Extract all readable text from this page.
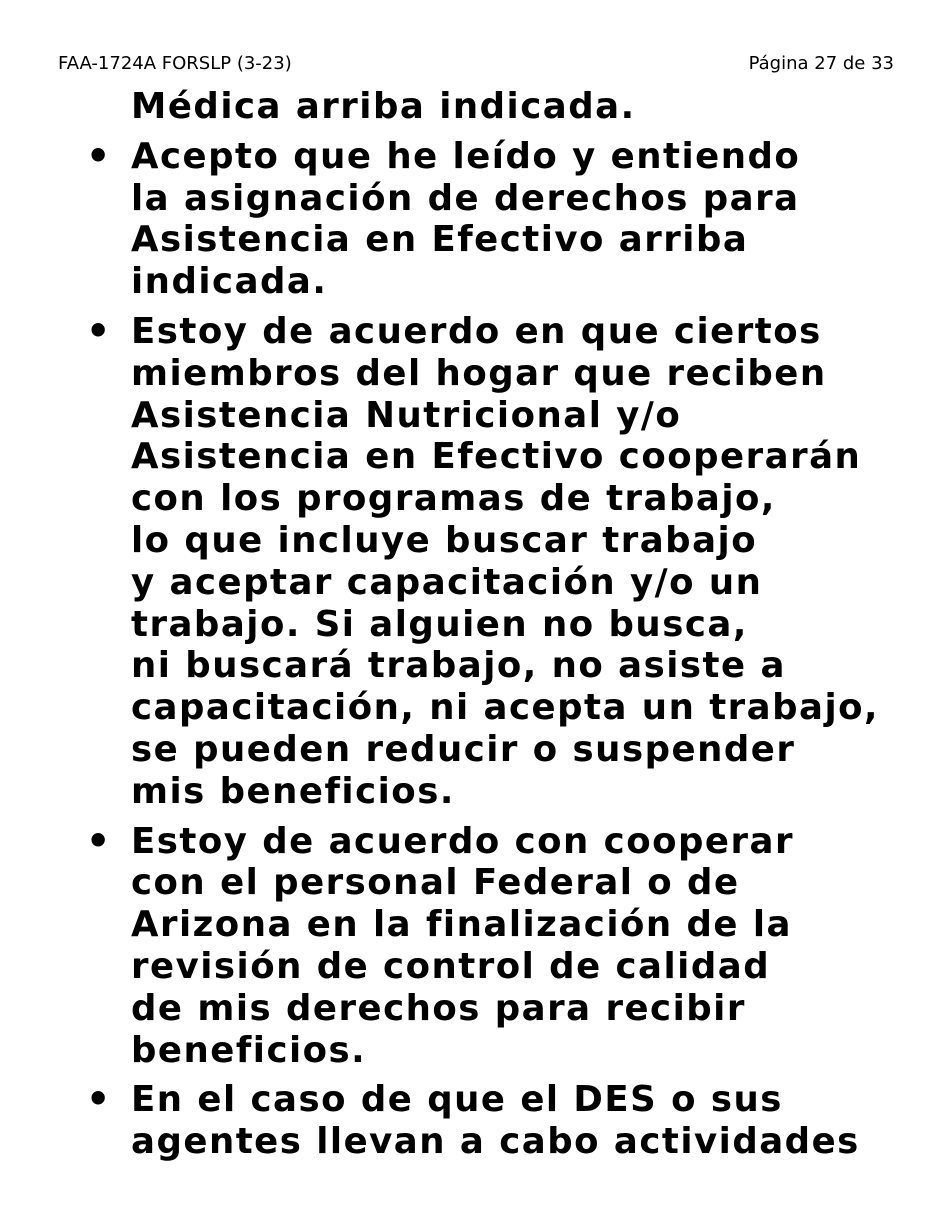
FAA-1724A FORSLP (3-23)	Página 27 de 33
Médica arriba indicada.
• Acepto que he leído y entiendo
la asignación de derechos para
Asistencia en Efectivo arriba
indicada.
• Estoy de acuerdo en que ciertos
miembros del hogar que reciben
Asistencia Nutricional y/o
Asistencia en Efectivo cooperarán
con los programas de trabajo,
lo que incluye buscar trabajo
y aceptar capacitación y/o un
trabajo. Si alguien no busca,
ni buscará trabajo, no asiste a
capacitación, ni acepta un trabajo,
se pueden reducir o suspender
mis beneficios.
• Estoy de acuerdo con cooperar
con el personal Federal o de
Arizona en la finalización de la
revisión de control de calidad
de mis derechos para recibir
beneficios.
• En el caso de que el DES o sus
agentes llevan a cabo actividades
